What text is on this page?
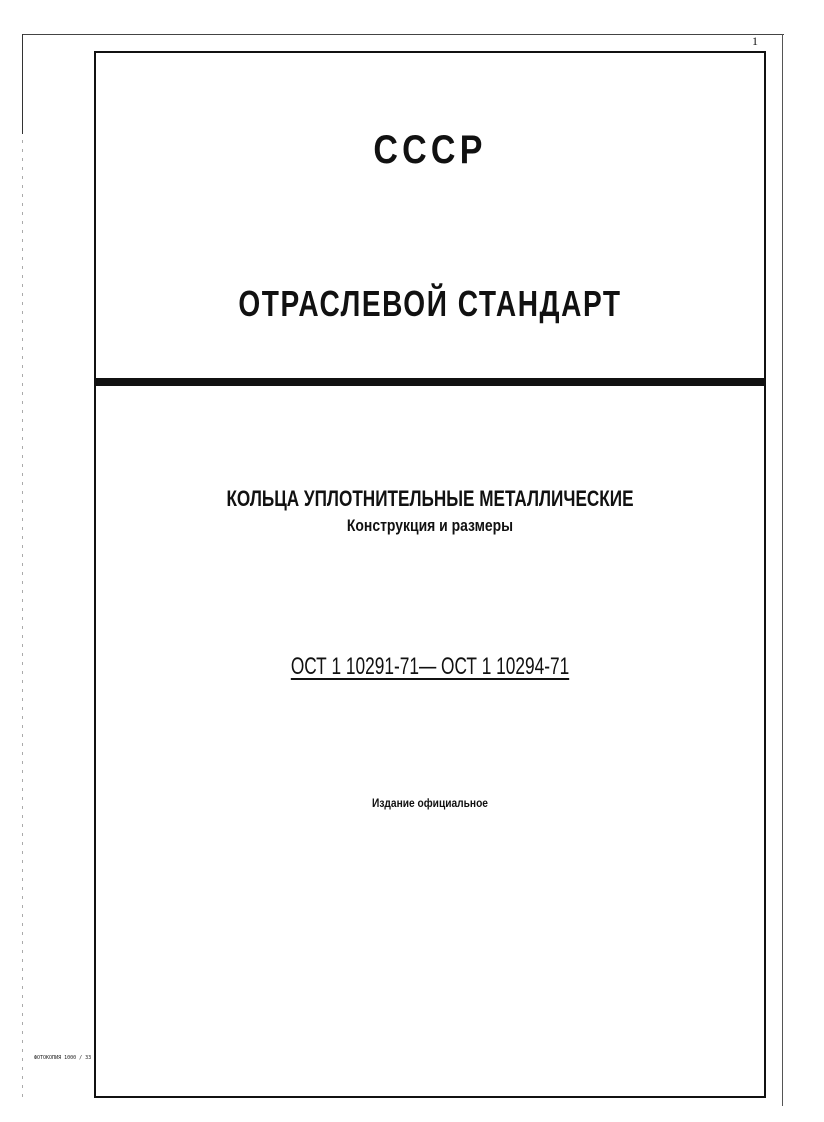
1
СССР
ОТРАСЛЕВОЙ СТАНДАРТ
КОЛЬЦА УПЛОТНИТЕЛЬНЫЕ МЕТАЛЛИЧЕСКИЕ
Конструкция и размеры
ОСТ 1 10291-71— ОСТ 1 10294-71
Издание официальное
ФОТОКОПИЯ 1000 / 33
